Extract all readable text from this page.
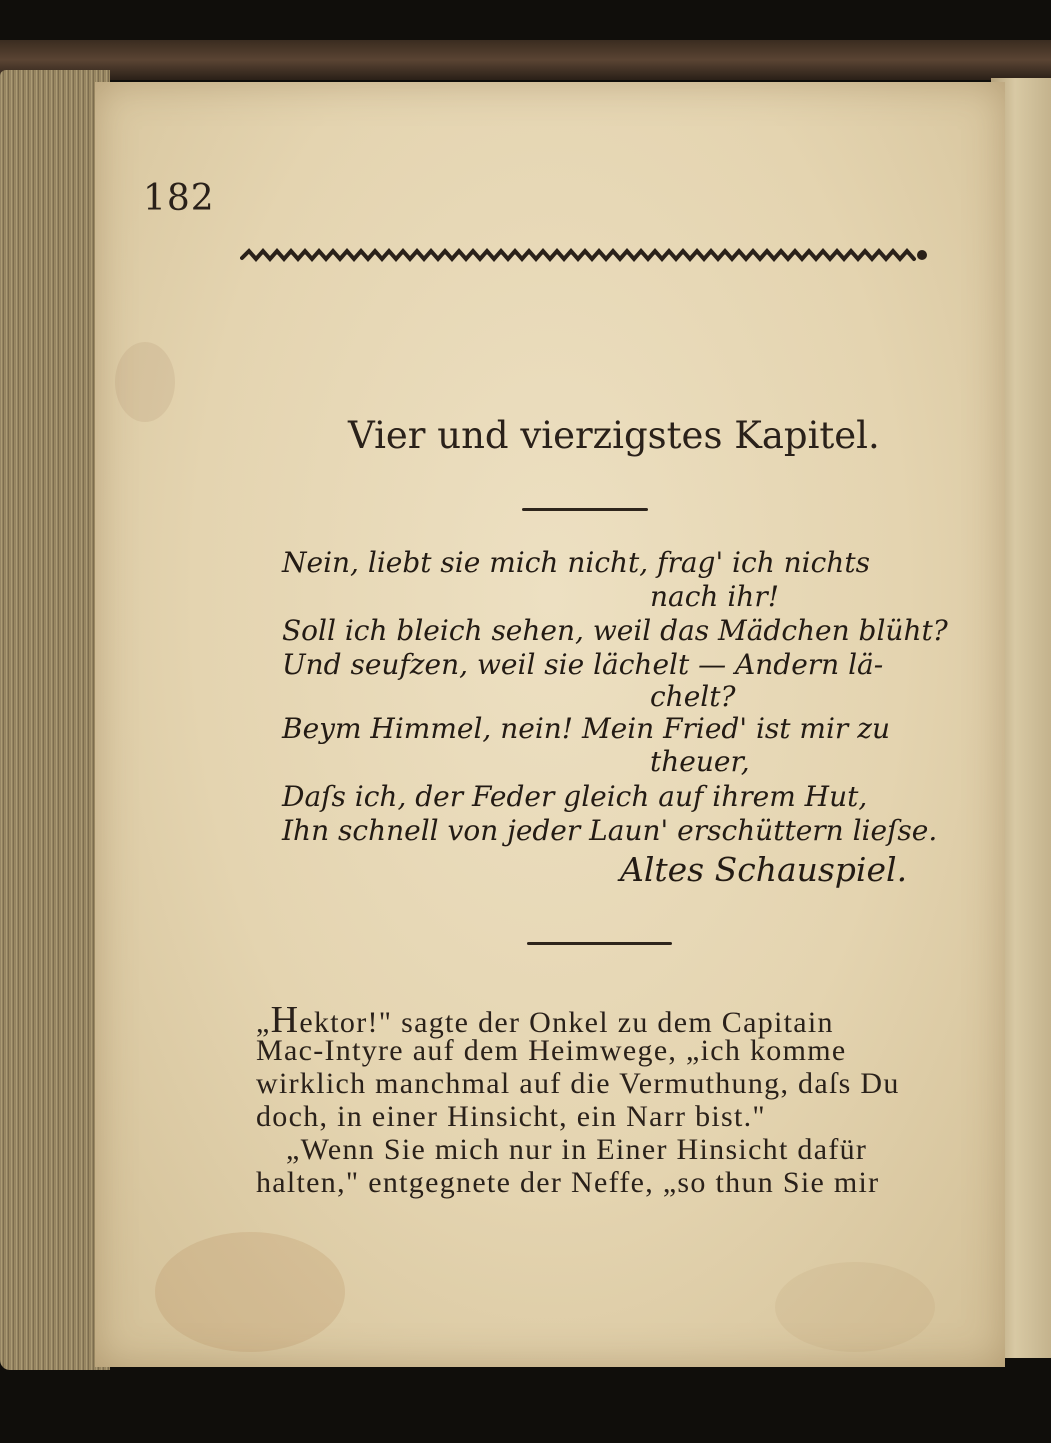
182
Vier und vierzigstes Kapitel.
Nein, liebt sie mich nicht, frag' ich nichts
nach ihr!
Soll ich bleich sehen, weil das Mädchen blüht?
Und seufzen, weil sie lächelt — Andern lä-
chelt?
Beym Himmel, nein! Mein Fried' ist mir zu
theuer,
Daſs ich, der Feder gleich auf ihrem Hut,
Ihn schnell von jeder Laun' erschüttern lieſse.
Altes Schauspiel.
„Hektor!" sagte der Onkel zu dem Capitain
Mac-Intyre auf dem Heimwege, „ich komme
wirklich manchmal auf die Vermuthung, daſs Du
doch, in einer Hinsicht, ein Narr bist."
„Wenn Sie mich nur in Einer Hinsicht dafür
halten," entgegnete der Neffe, „so thun Sie mir
